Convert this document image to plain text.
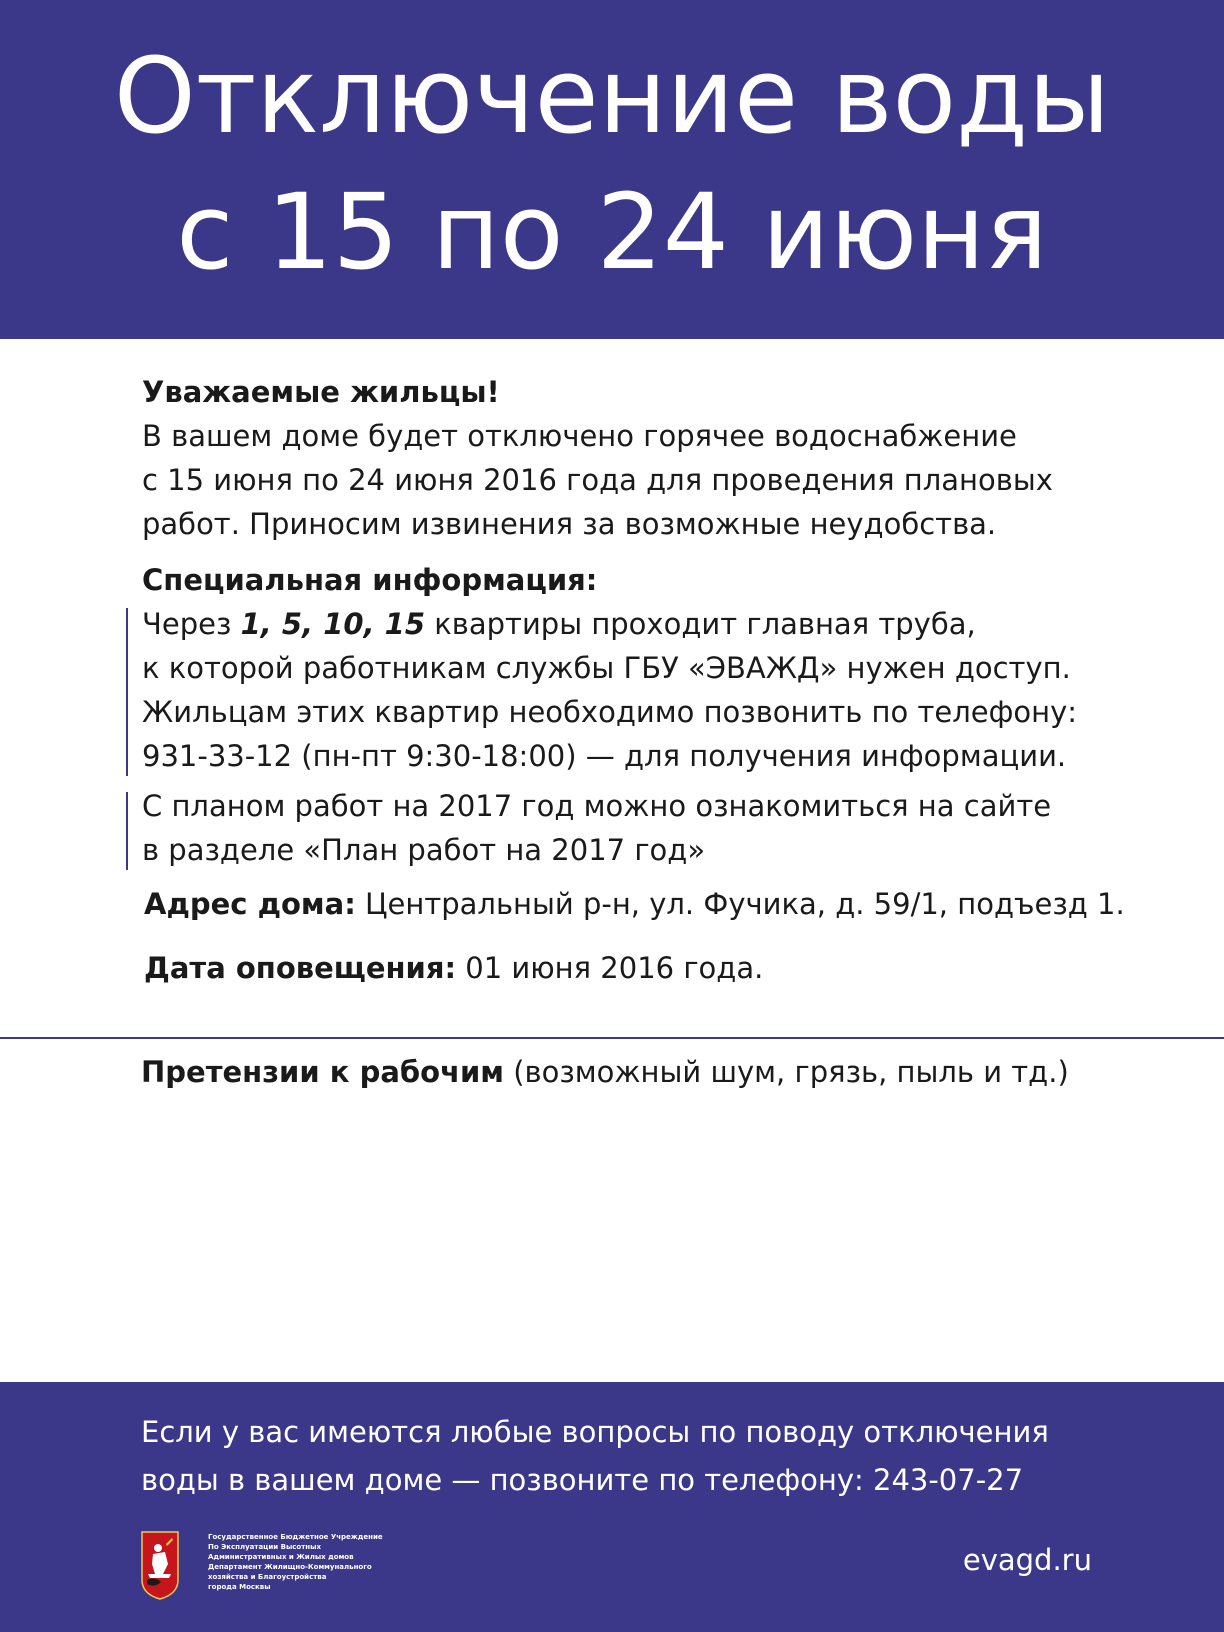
Отключение воды
с 15 по 24 июня

Уважаемые жильцы!

В вашем доме будет отключено горячее водоснабжение

с 15 июня по 24 июня 2016 года для проведения плановых

работ. Приносим извинения за возможные неудобства.

Специальная информация:

Через 1, 5, 10, 15 квартиры проходит главная труба,

к которой работникам службы ГБУ «ЭВАЖД» нужен доступ.

Жильцам этих квартир необходимо позвонить по телефону:

931-33-12 (пн-пт 9:30-18:00) — для получения информации.

С планом работ на 2017 год можно ознакомиться на сайте

в разделе «План работ на 2017 год»

Адрес дома: Центральный р-н, ул. Фучика, д. 59/1, подъезд 1.

Дата оповещения: 01 июня 2016 года.

Претензии к рабочим (возможный шум, грязь, пыль и тд.)
Если у вас имеются любые вопросы по поводу отключения
воды в вашем доме — позвоните по телефону: 243-07-27
Государственное Бюджетное Учреждение
По Эксплуатации Высотных
Административных и Жилых домов
Департамент Жилищно-Коммунального
хозяйства и Благоустройства
города Москвы
evagd.ru
